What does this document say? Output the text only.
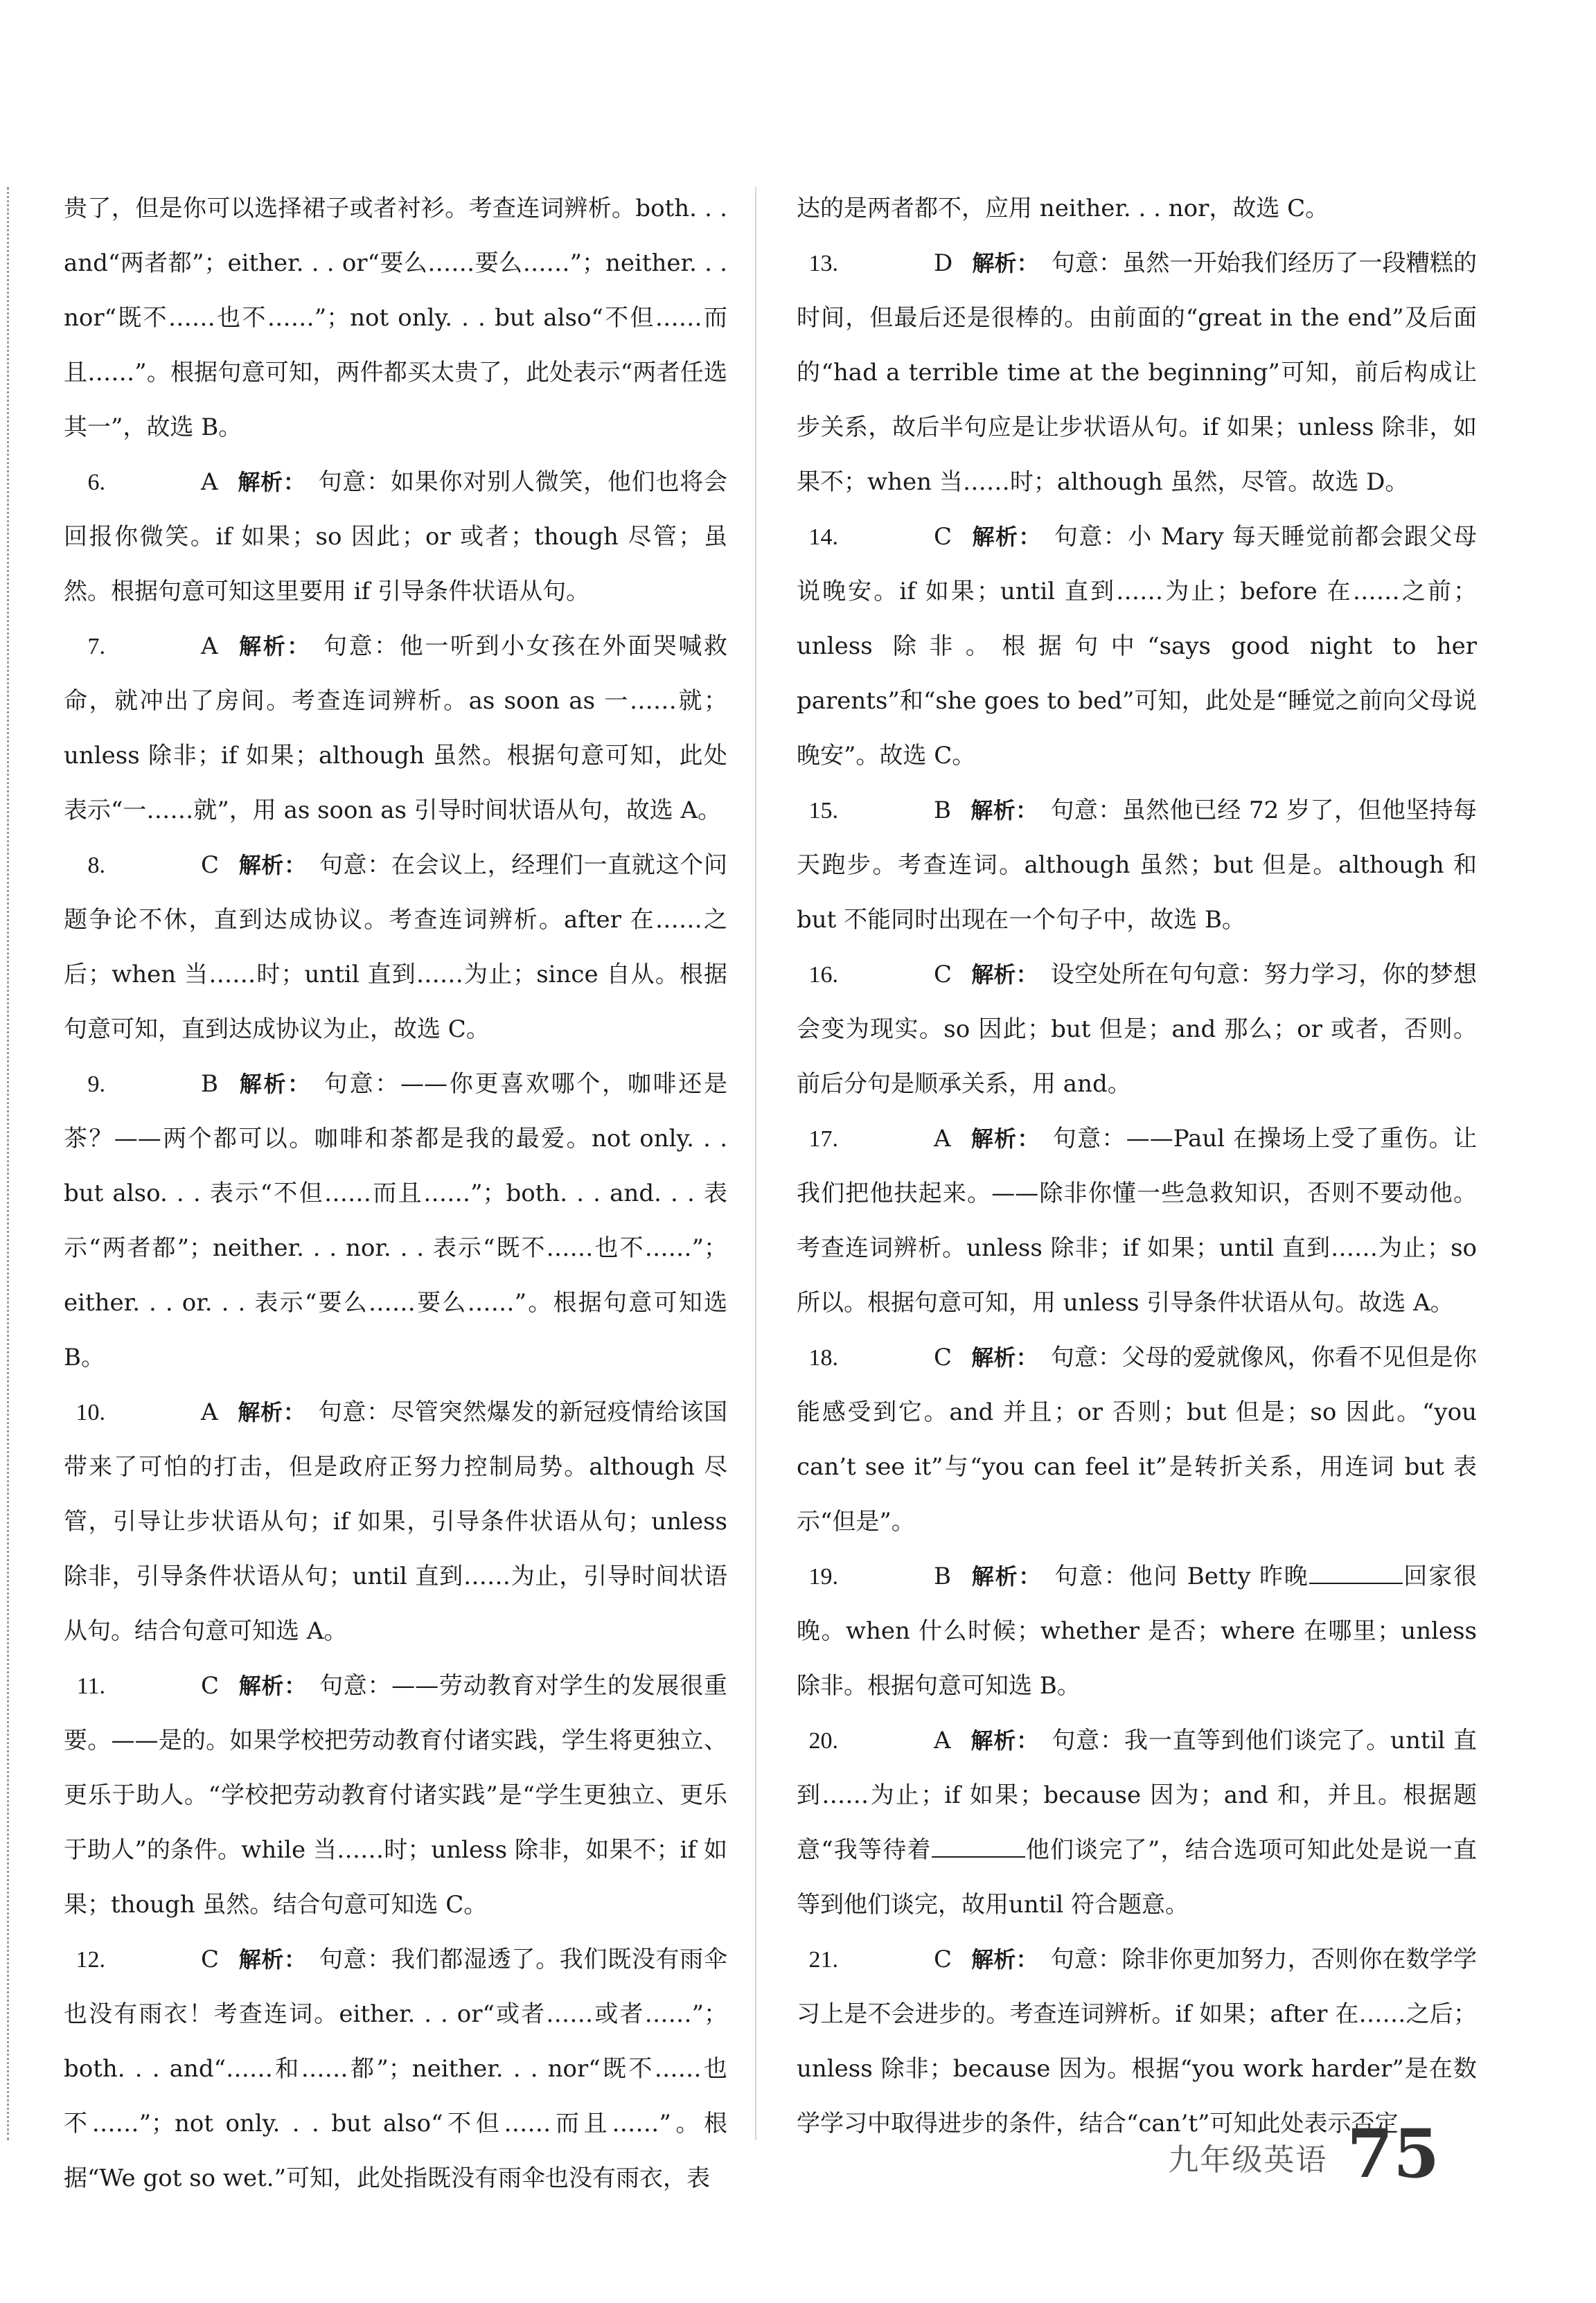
贵了，但是你可以选择裙子或者衬衫。考查连词辨析。both. . . and“两者都”；either. . . or“要么……要么……”；neither. . . nor“既不……也不……”；not only. . . but also“不但……而且……”。根据句意可知，两件都买太贵了，此处表示“两者任选其一”，故选 B。
6.	A 解析： 句意：如果你对别人微笑，他们也将会回报你微笑。if 如果；so 因此；or 或者；though 尽管；虽然。根据句意可知这里要用 if 引导条件状语从句。
7.	A 解析： 句意：他一听到小女孩在外面哭喊救命，就冲出了房间。考查连词辨析。as soon as 一……就；unless 除非；if 如果；although 虽然。根据句意可知，此处表示“一……就”，用 as soon as 引导时间状语从句，故选 A。
8.	C 解析： 句意：在会议上，经理们一直就这个问题争论不休，直到达成协议。考查连词辨析。after 在……之后；when 当……时；until 直到……为止；since 自从。根据句意可知，直到达成协议为止，故选 C。
9.	B 解析： 句意：——你更喜欢哪个，咖啡还是茶？——两个都可以。咖啡和茶都是我的最爱。not only. . . but also. . . 表示“不但……而且……”；both. . . and. . . 表示“两者都”；neither. . . nor. . . 表示“既不……也不……”；either. . . or. . . 表示“要么……要么……”。根据句意可知选 B。
10.	A 解析： 句意：尽管突然爆发的新冠疫情给该国带来了可怕的打击，但是政府正努力控制局势。although 尽管，引导让步状语从句；if 如果，引导条件状语从句；unless 除非，引导条件状语从句；until 直到……为止，引导时间状语从句。结合句意可知选 A。
11.	C 解析： 句意：——劳动教育对学生的发展很重要。——是的。如果学校把劳动教育付诸实践，学生将更独立、更乐于助人。“学校把劳动教育付诸实践”是“学生更独立、更乐于助人”的条件。while 当……时；unless 除非，如果不；if 如果；though 虽然。结合句意可知选 C。
12.	C 解析： 句意：我们都湿透了。我们既没有雨伞也没有雨衣！考查连词。either. . . or“或者……或者……”；both. . . and“……和……都”；neither. . . nor“既不……也不……”；not only. . . but also“不但……而且……”。根据“We got so wet.”可知，此处指既没有雨伞也没有雨衣，表
达的是两者都不，应用 neither. . . nor，故选 C。
13.	D 解析： 句意：虽然一开始我们经历了一段糟糕的时间，但最后还是很棒的。由前面的“great in the end”及后面的“had a terrible time at the beginning”可知，前后构成让步关系，故后半句应是让步状语从句。if 如果；unless 除非，如果不；when 当……时；although 虽然，尽管。故选 D。
14.	C 解析： 句意：小 Mary 每天睡觉前都会跟父母说晚安。if 如果；until 直到……为止；before 在……之前；unless 除非。根据句中“says good night to her parents”和“she goes to bed”可知，此处是“睡觉之前向父母说晚安”。故选 C。
15.	B 解析： 句意：虽然他已经 72 岁了，但他坚持每天跑步。考查连词。although 虽然；but 但是。although 和 but 不能同时出现在一个句子中，故选 B。
16.	C 解析： 设空处所在句句意：努力学习，你的梦想会变为现实。so 因此；but 但是；and 那么；or 或者，否则。前后分句是顺承关系，用 and。
17.	A 解析： 句意：——Paul 在操场上受了重伤。让我们把他扶起来。——除非你懂一些急救知识，否则不要动他。考查连词辨析。unless 除非；if 如果；until 直到……为止；so 所以。根据句意可知，用 unless 引导条件状语从句。故选 A。
18.	C 解析： 句意：父母的爱就像风，你看不见但是你能感受到它。and 并且；or 否则；but 但是；so 因此。“you can’t see it”与“you can feel it”是转折关系，用连词 but 表示“但是”。
19.	B 解析： 句意：他问 Betty 昨晚	回家很晚。when 什么时候；whether 是否；where 在哪里；unless 除非。根据句意可知选 B。
20.	A 解析： 句意：我一直等到他们谈完了。until 直到……为止；if 如果；because 因为；and 和，并且。根据题意“我等待着	他们谈完了”，结合选项可知此处是说一直等到他们谈完，故用until 符合题意。
21.	C 解析： 句意：除非你更加努力，否则你在数学学习上是不会进步的。考查连词辨析。if 如果；after 在……之后；unless 除非；because 因为。根据“you work harder”是在数学学习中取得进步的条件，结合“can’t”可知此处表示否定
九年级英语 75
